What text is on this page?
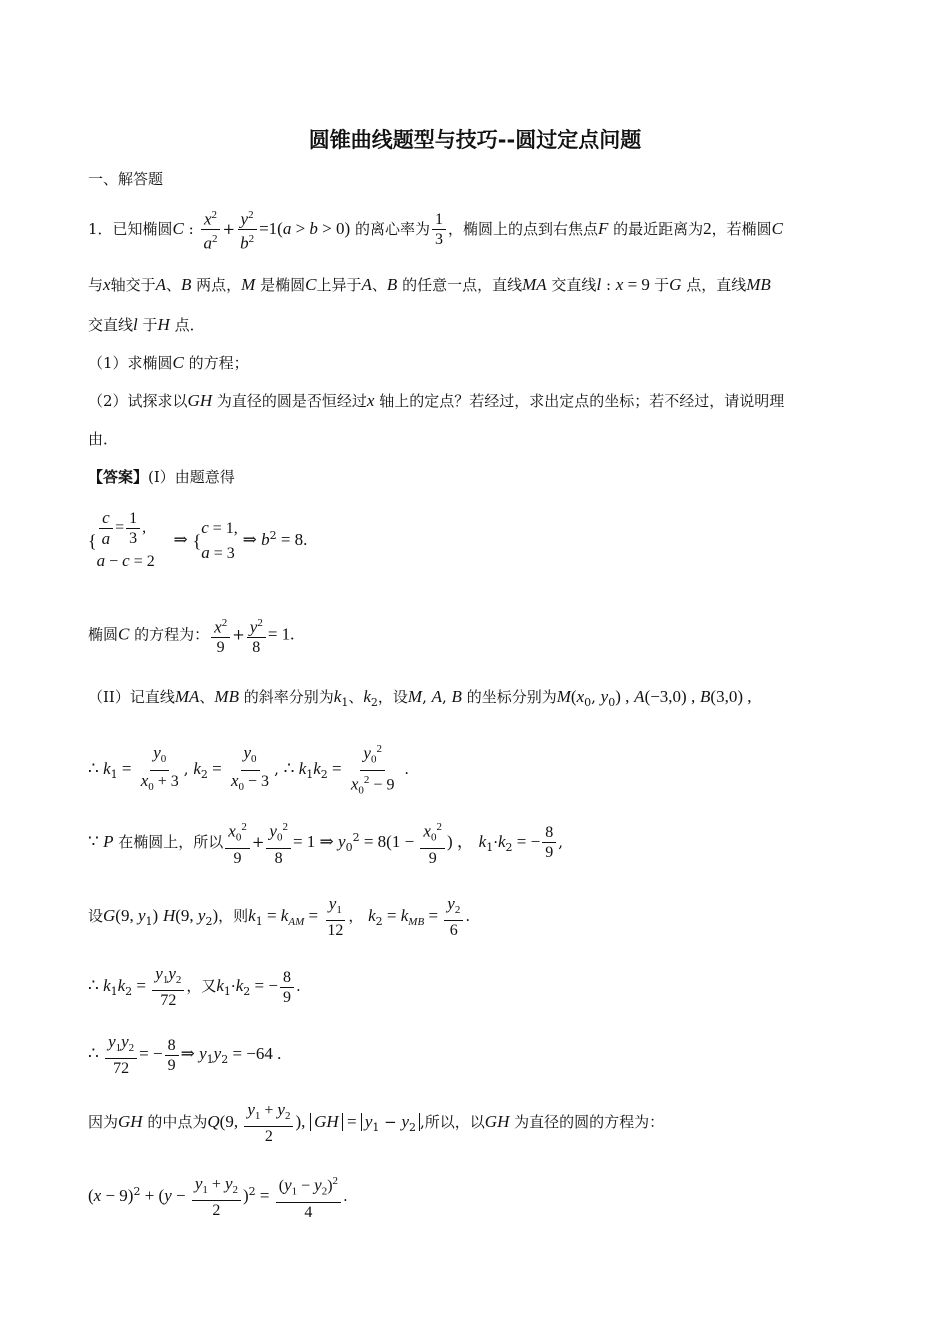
圆锥曲线题型与技巧--圆过定点问题
一、解答题
1．已知椭圆C : $\frac{x^2}{a^2} + \frac{y^2}{b^2} =1(a > b > 0)$ 的离心率为 $\frac{1}{3}$ ，椭圆上的点到右焦点F 的最近距离为2，若椭圆C
与x轴交于A、B 两点，M 是椭圆C上异于A、B 的任意一点，直线MA 交直线l : x = 9 于G 点，直线MB
交直线l 于H 点．
（1）求椭圆C 的方程；
（2）试探求以GH 为直径的圆是否恒经过x 轴上的定点？若经过，求出定点的坐标；若不经过，请说明理
由．
【答案】(I）由题意得
{ $\frac{c}{a} = \frac{1}{3}$ ,
a − c = 2
⇒ {
c = 1,
a = 3
⇒ $b^2 = 8$.
椭圆C 的方程为： $\frac{x^2}{9} + \frac{y^2}{8} = 1$.
（II）记直线MA、MB 的斜率分别为$k_1$、$k_2$，设M, A, B 的坐标分别为$M(x_0$, $y_0$) , A(−3,0) , B(3,0) ,
∴ $k_1 = \frac{y_0}{x_0 + 3}$ , $k_2 = \frac{y_0}{x_0 - 3}$ , ∴ $k_1k_2 = \frac{y_0^2}{x_0^2 - 9}$ .
∵ P 在椭圆上，所以 $\frac{x_0^2}{9} + \frac{y_0^2}{8} = 1$ ⇒ $y_0^2 = 8(1 - \frac{x_0^2}{9}$ ) ， $k_1\cdot k_2$ = − $\frac{8}{9}$ ,
设G(9, $y_1$) H(9, $y_2$)，则$k_1 = k_{AM} = \frac{y_1}{12}$ ， $k_2 = k_{MB} = \frac{y_2}{6}$ .
∴ $k_1k_2 = \frac{y_1y_2}{72}$ ，又$k_1\cdot k_2$ = − $\frac{8}{9}$ .
∴ $\frac{y_1y_2}{72}$ = − $\frac{8}{9}$ ⇒ $y_1y_2 = -64$ .
因为GH 的中点为Q(9, $\frac{y_1 + y_2}{2}$ ), GH = $y_1 - y_2$ ,所以，以GH 为直径的圆的方程为：
$(x - 9)^2 + (y - \frac{y_1 + y_2}{2} )^2 = \frac{(y_1 - y_2)^2}{4}$ .
